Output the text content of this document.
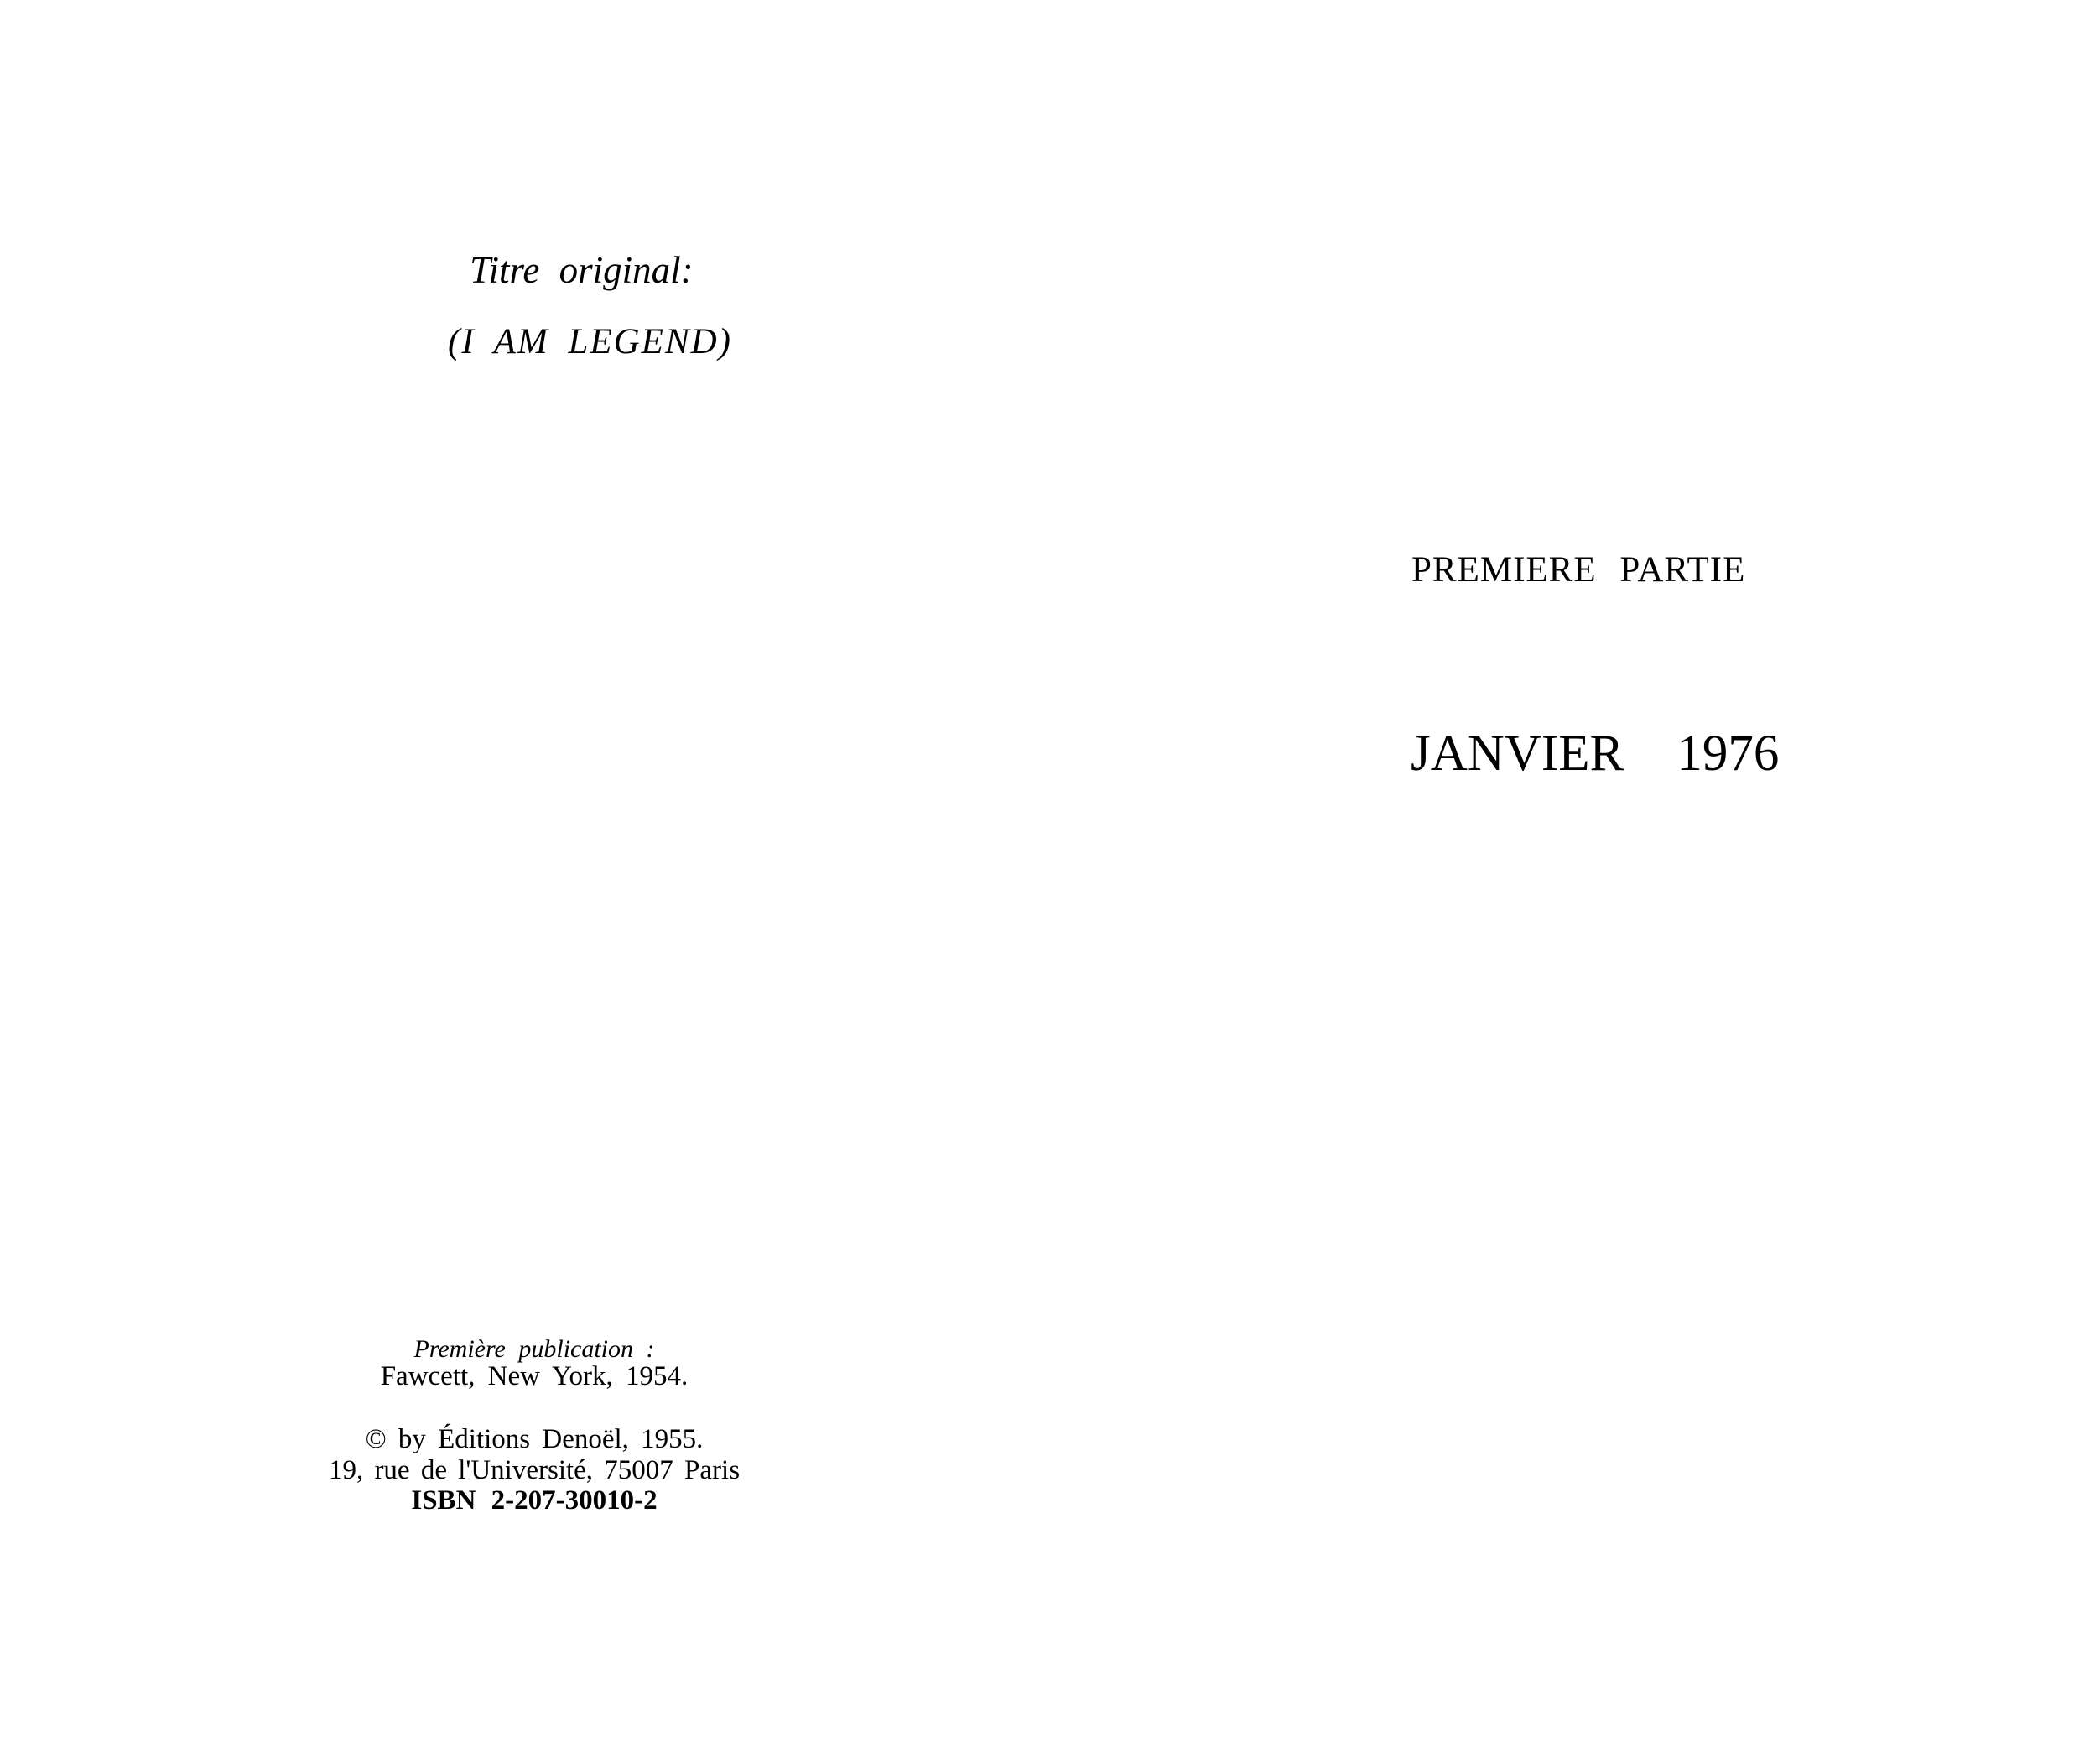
Titre original:
(I AM LEGEND)
PREMIERE PARTIE
JANVIER 1976
Première publication :
Fawcett, New York, 1954.
© by Éditions Denoël, 1955.
19, rue de l'Université, 75007 Paris
ISBN 2-207-30010-2
